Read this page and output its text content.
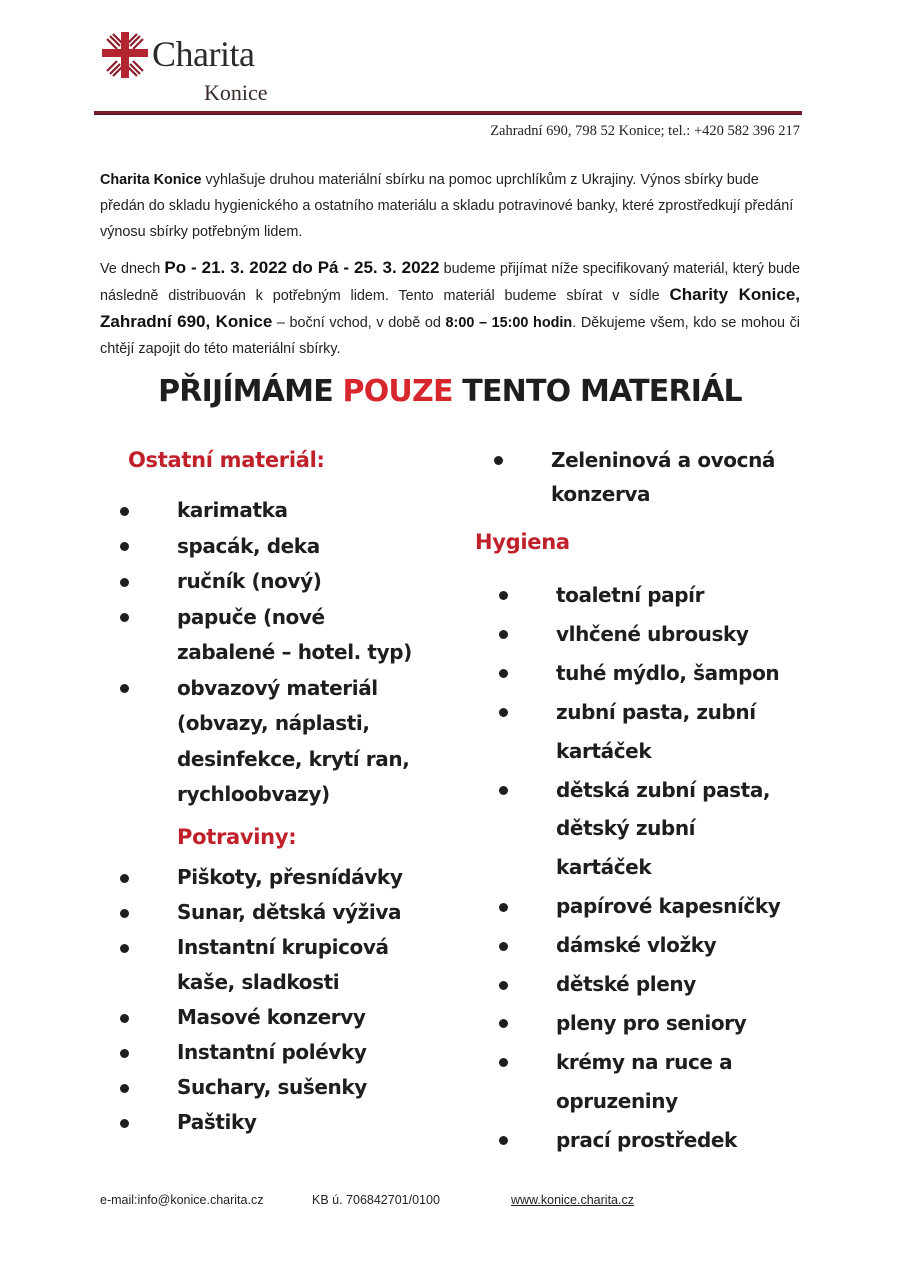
Charita
Konice
Zahradní 690, 798 52 Konice; tel.: +420 582 396 217
Charita Konice vyhlašuje druhou materiální sbírku na pomoc uprchlíkům z Ukrajiny. Výnos sbírky bude předán do skladu hygienického a ostatního materiálu a skladu potravinové banky, které zprostředkují předání výnosu sbírky potřebným lidem.
Ve dnech Po - 21. 3. 2022 do Pá - 25. 3. 2022 budeme přijímat níže specifikovaný materiál, který bude následně distribuován k potřebným lidem. Tento materiál budeme sbírat v sídle Charity Konice, Zahradní 690, Konice – boční vchod, v době od 8:00 – 15:00 hodin. Děkujeme všem, kdo se mohou či chtějí zapojit do této materiální sbírky.
PŘIJÍMÁME POUZE TENTO MATERIÁL
Ostatní materiál:
karimatka
spacák, deka
ručník (nový)
papuče (nové
zabalené – hotel. typ)
obvazový materiál
(obvazy, náplasti,
desinfekce, krytí ran,
rychloobvazy)
Potraviny:
Piškoty, přesnídávky
Sunar, dětská výživa
Instantní krupicová
kaše, sladkosti
Masové konzervy
Instantní polévky
Suchary, sušenky
Paštiky
Zeleninová a ovocná
konzerva
Hygiena
toaletní papír
vlhčené ubrousky
tuhé mýdlo, šampon
zubní pasta, zubní
kartáček
dětská zubní pasta,
dětský zubní
kartáček
papírové kapesníčky
dámské vložky
dětské pleny
pleny pro seniory
krémy na ruce a
opruzeniny
prací prostředek
e-mail:info@konice.charita.cz	KB ú. 706842701/0100	www.konice.charita.cz
